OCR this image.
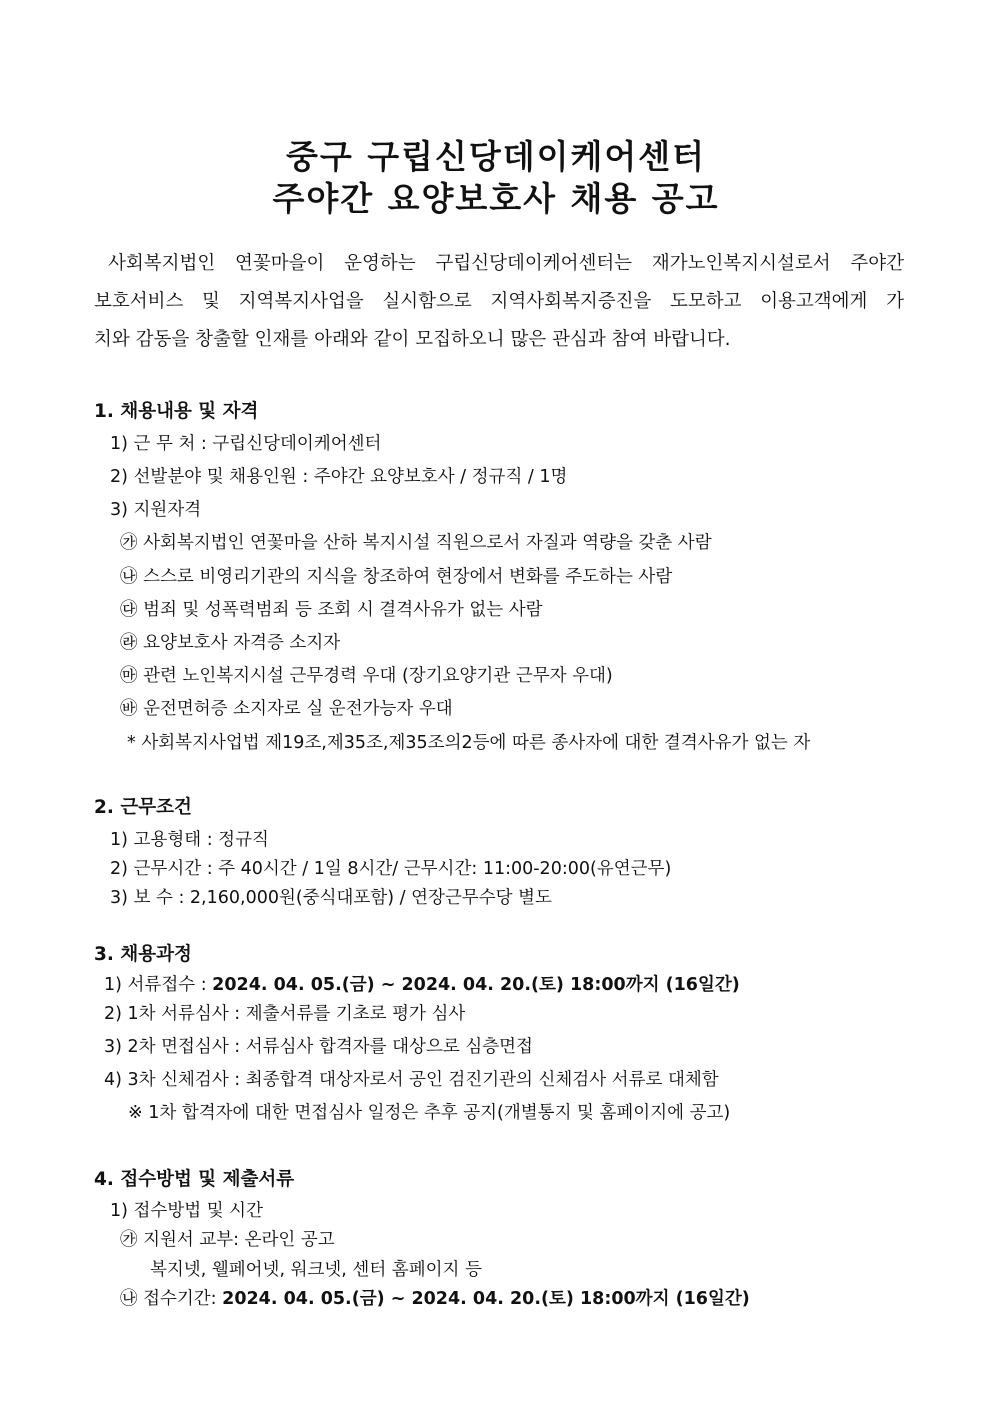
중구 구립신당데이케어센터
주야간 요양보호사 채용 공고
사회복지법인 연꽃마을이 운영하는 구립신당데이케어센터는 재가노인복지시설로서 주야간
보호서비스 및 지역복지사업을 실시함으로 지역사회복지증진을 도모하고 이용고객에게 가
치와 감동을 창출할 인재를 아래와 같이 모집하오니 많은 관심과 참여 바랍니다.
1. 채용내용 및 자격
1) 근 무 처 : 구립신당데이케어센터
2) 선발분야 및 채용인원 : 주야간 요양보호사 / 정규직 / 1명
3) 지원자격
㉮ 사회복지법인 연꽃마을 산하 복지시설 직원으로서 자질과 역량을 갖춘 사람
㉯ 스스로 비영리기관의 지식을 창조하여 현장에서 변화를 주도하는 사람
㉰ 범죄 및 성폭력범죄 등 조회 시 결격사유가 없는 사람
㉱ 요양보호사 자격증 소지자
㉲ 관련 노인복지시설 근무경력 우대 (장기요양기관 근무자 우대)
㉳ 운전면허증 소지자로 실 운전가능자 우대
* 사회복지사업법 제19조,제35조,제35조의2등에 따른 종사자에 대한 결격사유가 없는 자
2. 근무조건
1) 고용형태 : 정규직
2) 근무시간 : 주 40시간 / 1일 8시간/ 근무시간: 11:00-20:00(유연근무)
3) 보 수 : 2,160,000원(중식대포함) / 연장근무수당 별도
3. 채용과정
1) 서류접수 : 2024. 04. 05.(금) ~ 2024. 04. 20.(토) 18:00까지 (16일간)
2) 1차 서류심사 : 제출서류를 기초로 평가 심사
3) 2차 면접심사 : 서류심사 합격자를 대상으로 심층면접
4) 3차 신체검사 : 최종합격 대상자로서 공인 검진기관의 신체검사 서류로 대체함
※ 1차 합격자에 대한 면접심사 일정은 추후 공지(개별통지 및 홈페이지에 공고)
4. 접수방법 및 제출서류
1) 접수방법 및 시간
㉮ 지원서 교부: 온라인 공고
복지넷, 웰페어넷, 워크넷, 센터 홈페이지 등
㉯ 접수기간: 2024. 04. 05.(금) ~ 2024. 04. 20.(토) 18:00까지 (16일간)
